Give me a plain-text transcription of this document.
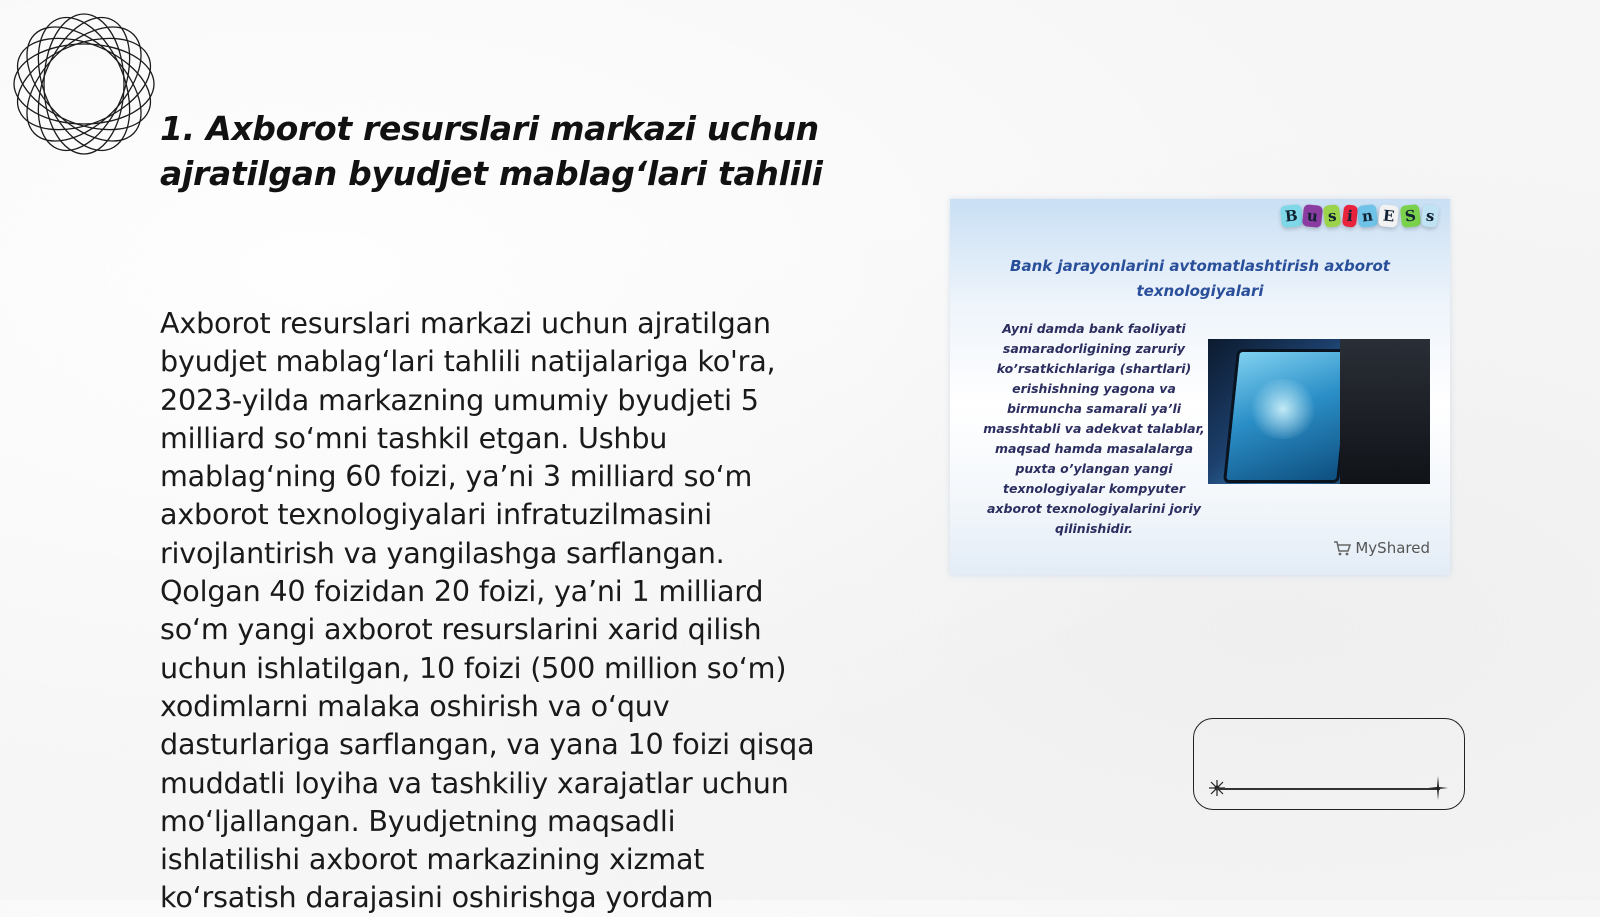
1. Axborot resurslari markazi uchun ajratilgan byudjet mablag‘lari tahlili

Axborot resurslari markazi uchun ajratilgan byudjet mablag‘lari tahlili natijalariga ko'ra, 2023-yilda markazning umumiy byudjeti 5 milliard so‘mni tashkil etgan. Ushbu mablag‘ning 60 foizi, ya’ni 3 milliard so‘m axborot texnologiyalari infratuzilmasini rivojlantirish va yangilashga sarflangan. Qolgan 40 foizidan 20 foizi, ya’ni 1 milliard so‘m yangi axborot resurslarini xarid qilish uchun ishlatilgan, 10 foizi (500 million so‘m) xodimlarni malaka oshirish va o‘quv dasturlariga sarflangan, va yana 10 foizi qisqa muddatli loyiha va tashkiliy xarajatlar uchun mo‘ljallangan. Byudjetning maqsadli ishlatilishi axborot markazining xizmat ko‘rsatish darajasini oshirishga yordam

B u s i n E S s
Bank jarayonlarini avtomatlashtirish axborot texnologiyalari
Ayni damda bank faoliyati samaradorligining zaruriy ko’rsatkichlariga (shartlari) erishishning yagona va birmuncha samarali ya’li masshtabli va adekvat talablar, maqsad hamda masalalarga puxta o’ylangan yangi texnologiyalar kompyuter axborot texnologiyalarini joriy qilinishidir.
MyShared
